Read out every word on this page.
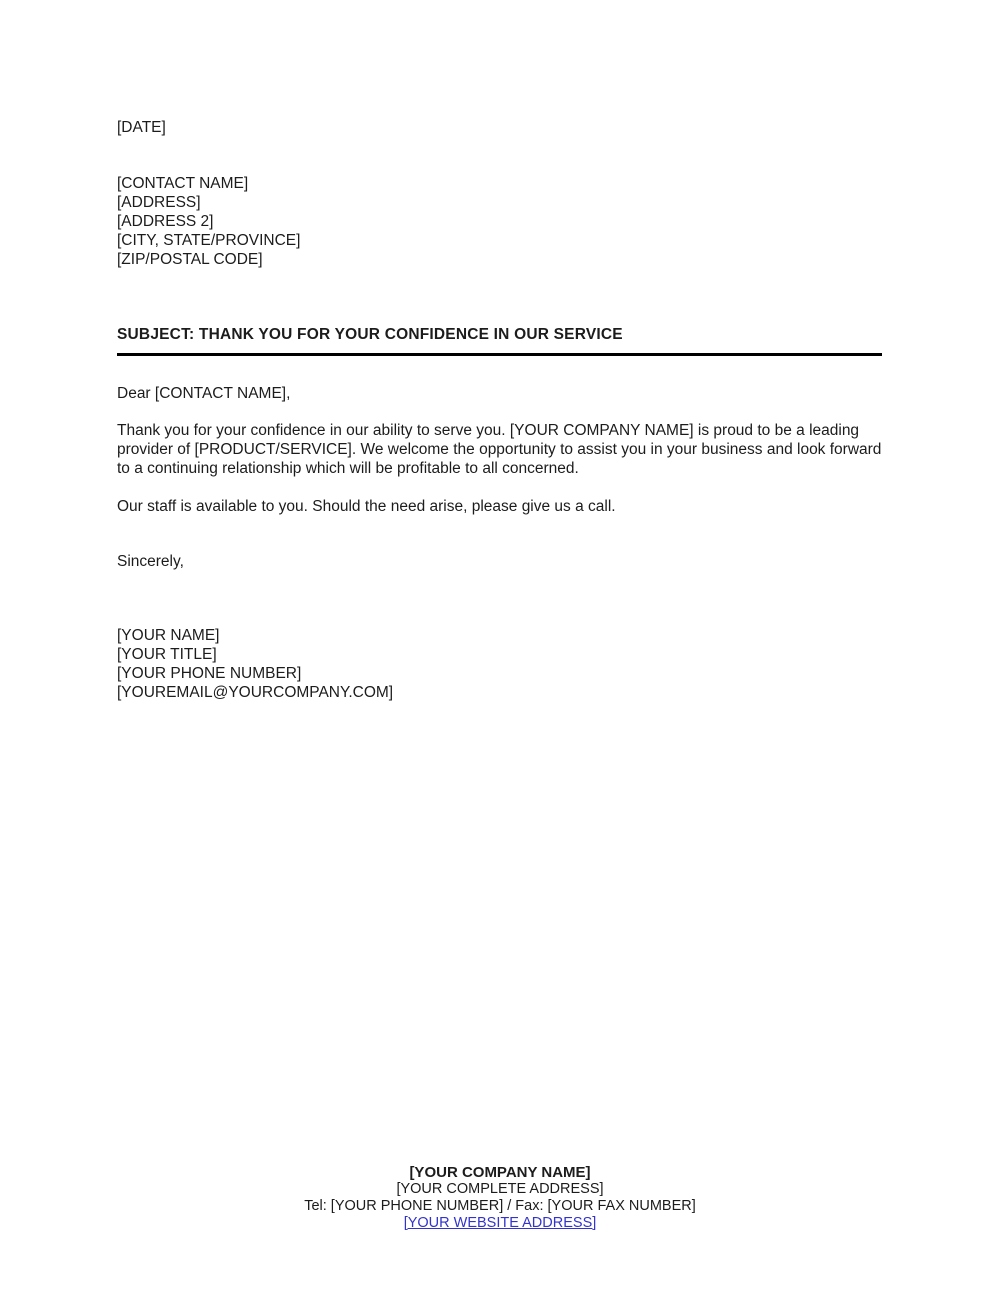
[DATE]
[CONTACT NAME]
[ADDRESS]
[ADDRESS 2]
[CITY, STATE/PROVINCE]
[ZIP/POSTAL CODE]
SUBJECT: THANK YOU FOR YOUR CONFIDENCE IN OUR SERVICE
Dear [CONTACT NAME],

Thank you for your confidence in our ability to serve you. [YOUR COMPANY NAME] is proud to be a leading provider of [PRODUCT/SERVICE]. We welcome the opportunity to assist you in your business and look forward to a continuing relationship which will be profitable to all concerned.

Our staff is available to you. Should the need arise, please give us a call.

Sincerely,
[YOUR NAME]
[YOUR TITLE]
[YOUR PHONE NUMBER]
[YOUREMAIL@YOURCOMPANY.COM]
[YOUR COMPANY NAME]
[YOUR COMPLETE ADDRESS]
Tel: [YOUR PHONE NUMBER] / Fax: [YOUR FAX NUMBER]
[YOUR WEBSITE ADDRESS]
